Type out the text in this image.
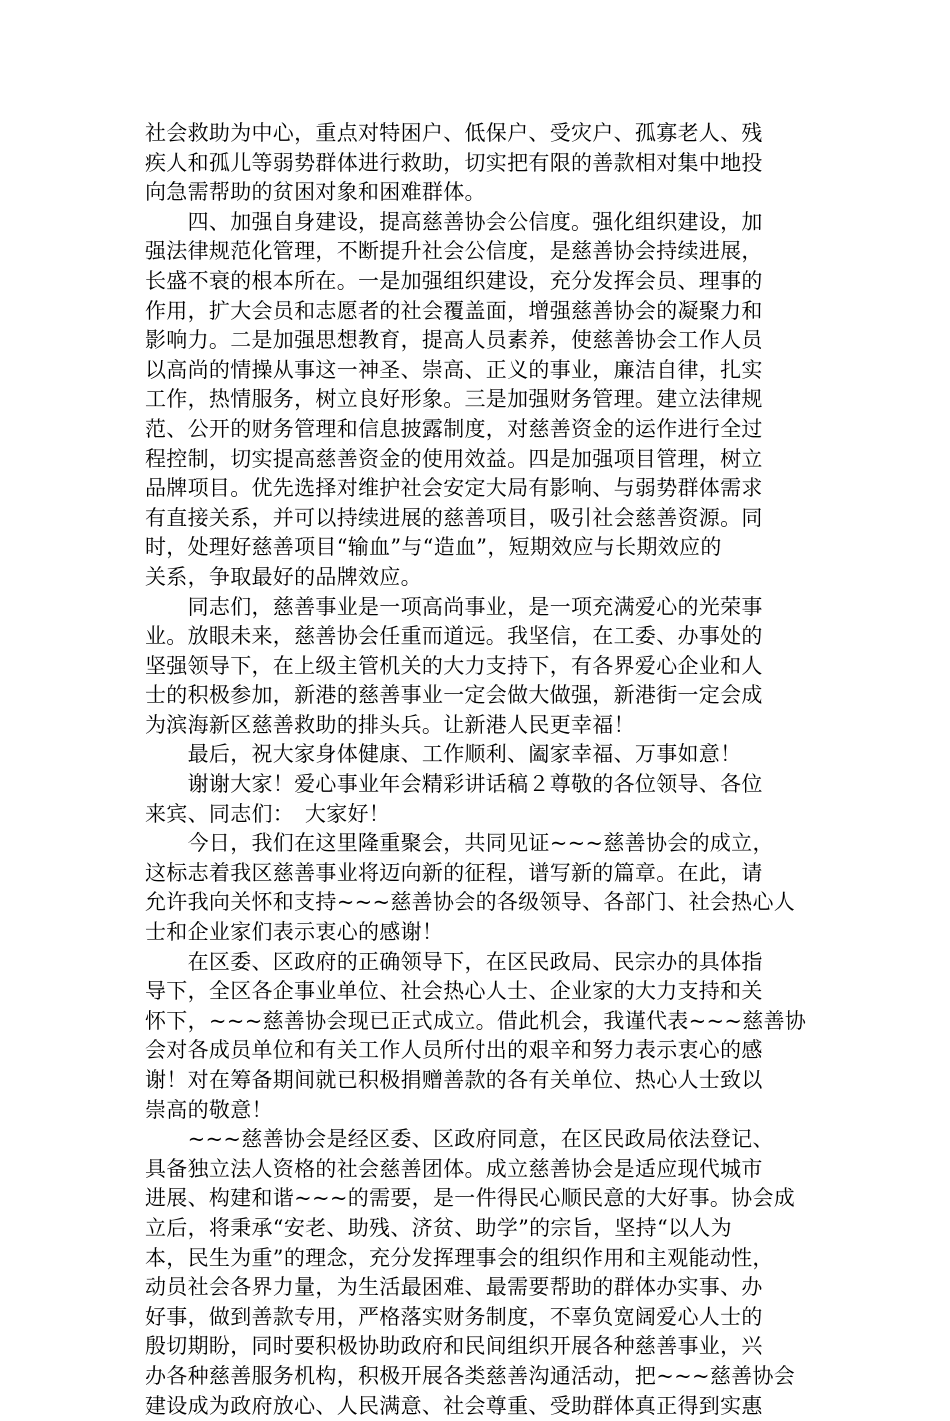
社会救助为中心，重点对特困户、低保户、受灾户、孤寡老人、残
疾人和孤儿等弱势群体进行救助，切实把有限的善款相对集中地投
向急需帮助的贫困对象和困难群体。
　　四、加强自身建设，提高慈善协会公信度。强化组织建设，加
强法律规范化管理，不断提升社会公信度，是慈善协会持续进展，
长盛不衰的根本所在。一是加强组织建设，充分发挥会员、理事的
作用，扩大会员和志愿者的社会覆盖面，增强慈善协会的凝聚力和
影响力。二是加强思想教育，提高人员素养，使慈善协会工作人员
以高尚的情操从事这一神圣、崇高、正义的事业，廉洁自律，扎实
工作，热情服务，树立良好形象。三是加强财务管理。建立法律规
范、公开的财务管理和信息披露制度，对慈善资金的运作进行全过
程控制，切实提高慈善资金的使用效益。四是加强项目管理，树立
品牌项目。优先选择对维护社会安定大局有影响、与弱势群体需求
有直接关系，并可以持续进展的慈善项目，吸引社会慈善资源。同
时，处理好慈善项目“输血”与“造血”，短期效应与长期效应的
关系，争取最好的品牌效应。
　　同志们，慈善事业是一项高尚事业，是一项充满爱心的光荣事
业。放眼未来，慈善协会任重而道远。我坚信，在工委、办事处的
坚强领导下，在上级主管机关的大力支持下，有各界爱心企业和人
士的积极参加，新港的慈善事业一定会做大做强，新港街一定会成
为滨海新区慈善救助的排头兵。让新港人民更幸福！
　　最后，祝大家身体健康、工作顺利、阖家幸福、万事如意！
　　谢谢大家！爱心事业年会精彩讲话稿２尊敬的各位领导、各位
来宾、同志们：　大家好！
　　今日，我们在这里隆重聚会，共同见证~~~慈善协会的成立，
这标志着我区慈善事业将迈向新的征程，谱写新的篇章。在此，请
允许我向关怀和支持~~~慈善协会的各级领导、各部门、社会热心人
士和企业家们表示衷心的感谢！
　　在区委、区政府的正确领导下，在区民政局、民宗办的具体指
导下，全区各企事业单位、社会热心人士、企业家的大力支持和关
怀下，~~~慈善协会现已正式成立。借此机会，我谨代表~~~慈善协
会对各成员单位和有关工作人员所付出的艰辛和努力表示衷心的感
谢！对在筹备期间就已积极捐赠善款的各有关单位、热心人士致以
崇高的敬意！
　　~~~慈善协会是经区委、区政府同意，在区民政局依法登记、
具备独立法人资格的社会慈善团体。成立慈善协会是适应现代城市
进展、构建和谐~~~的需要，是一件得民心顺民意的大好事。协会成
立后，将秉承“安老、助残、济贫、助学”的宗旨，坚持“以人为
本，民生为重”的理念，充分发挥理事会的组织作用和主观能动性，
动员社会各界力量，为生活最困难、最需要帮助的群体办实事、办
好事，做到善款专用，严格落实财务制度，不辜负宽阔爱心人士的
殷切期盼，同时要积极协助政府和民间组织开展各种慈善事业，兴
办各种慈善服务机构，积极开展各类慈善沟通活动，把~~~慈善协会
建设成为政府放心、人民满意、社会尊重、受助群体真正得到实惠
